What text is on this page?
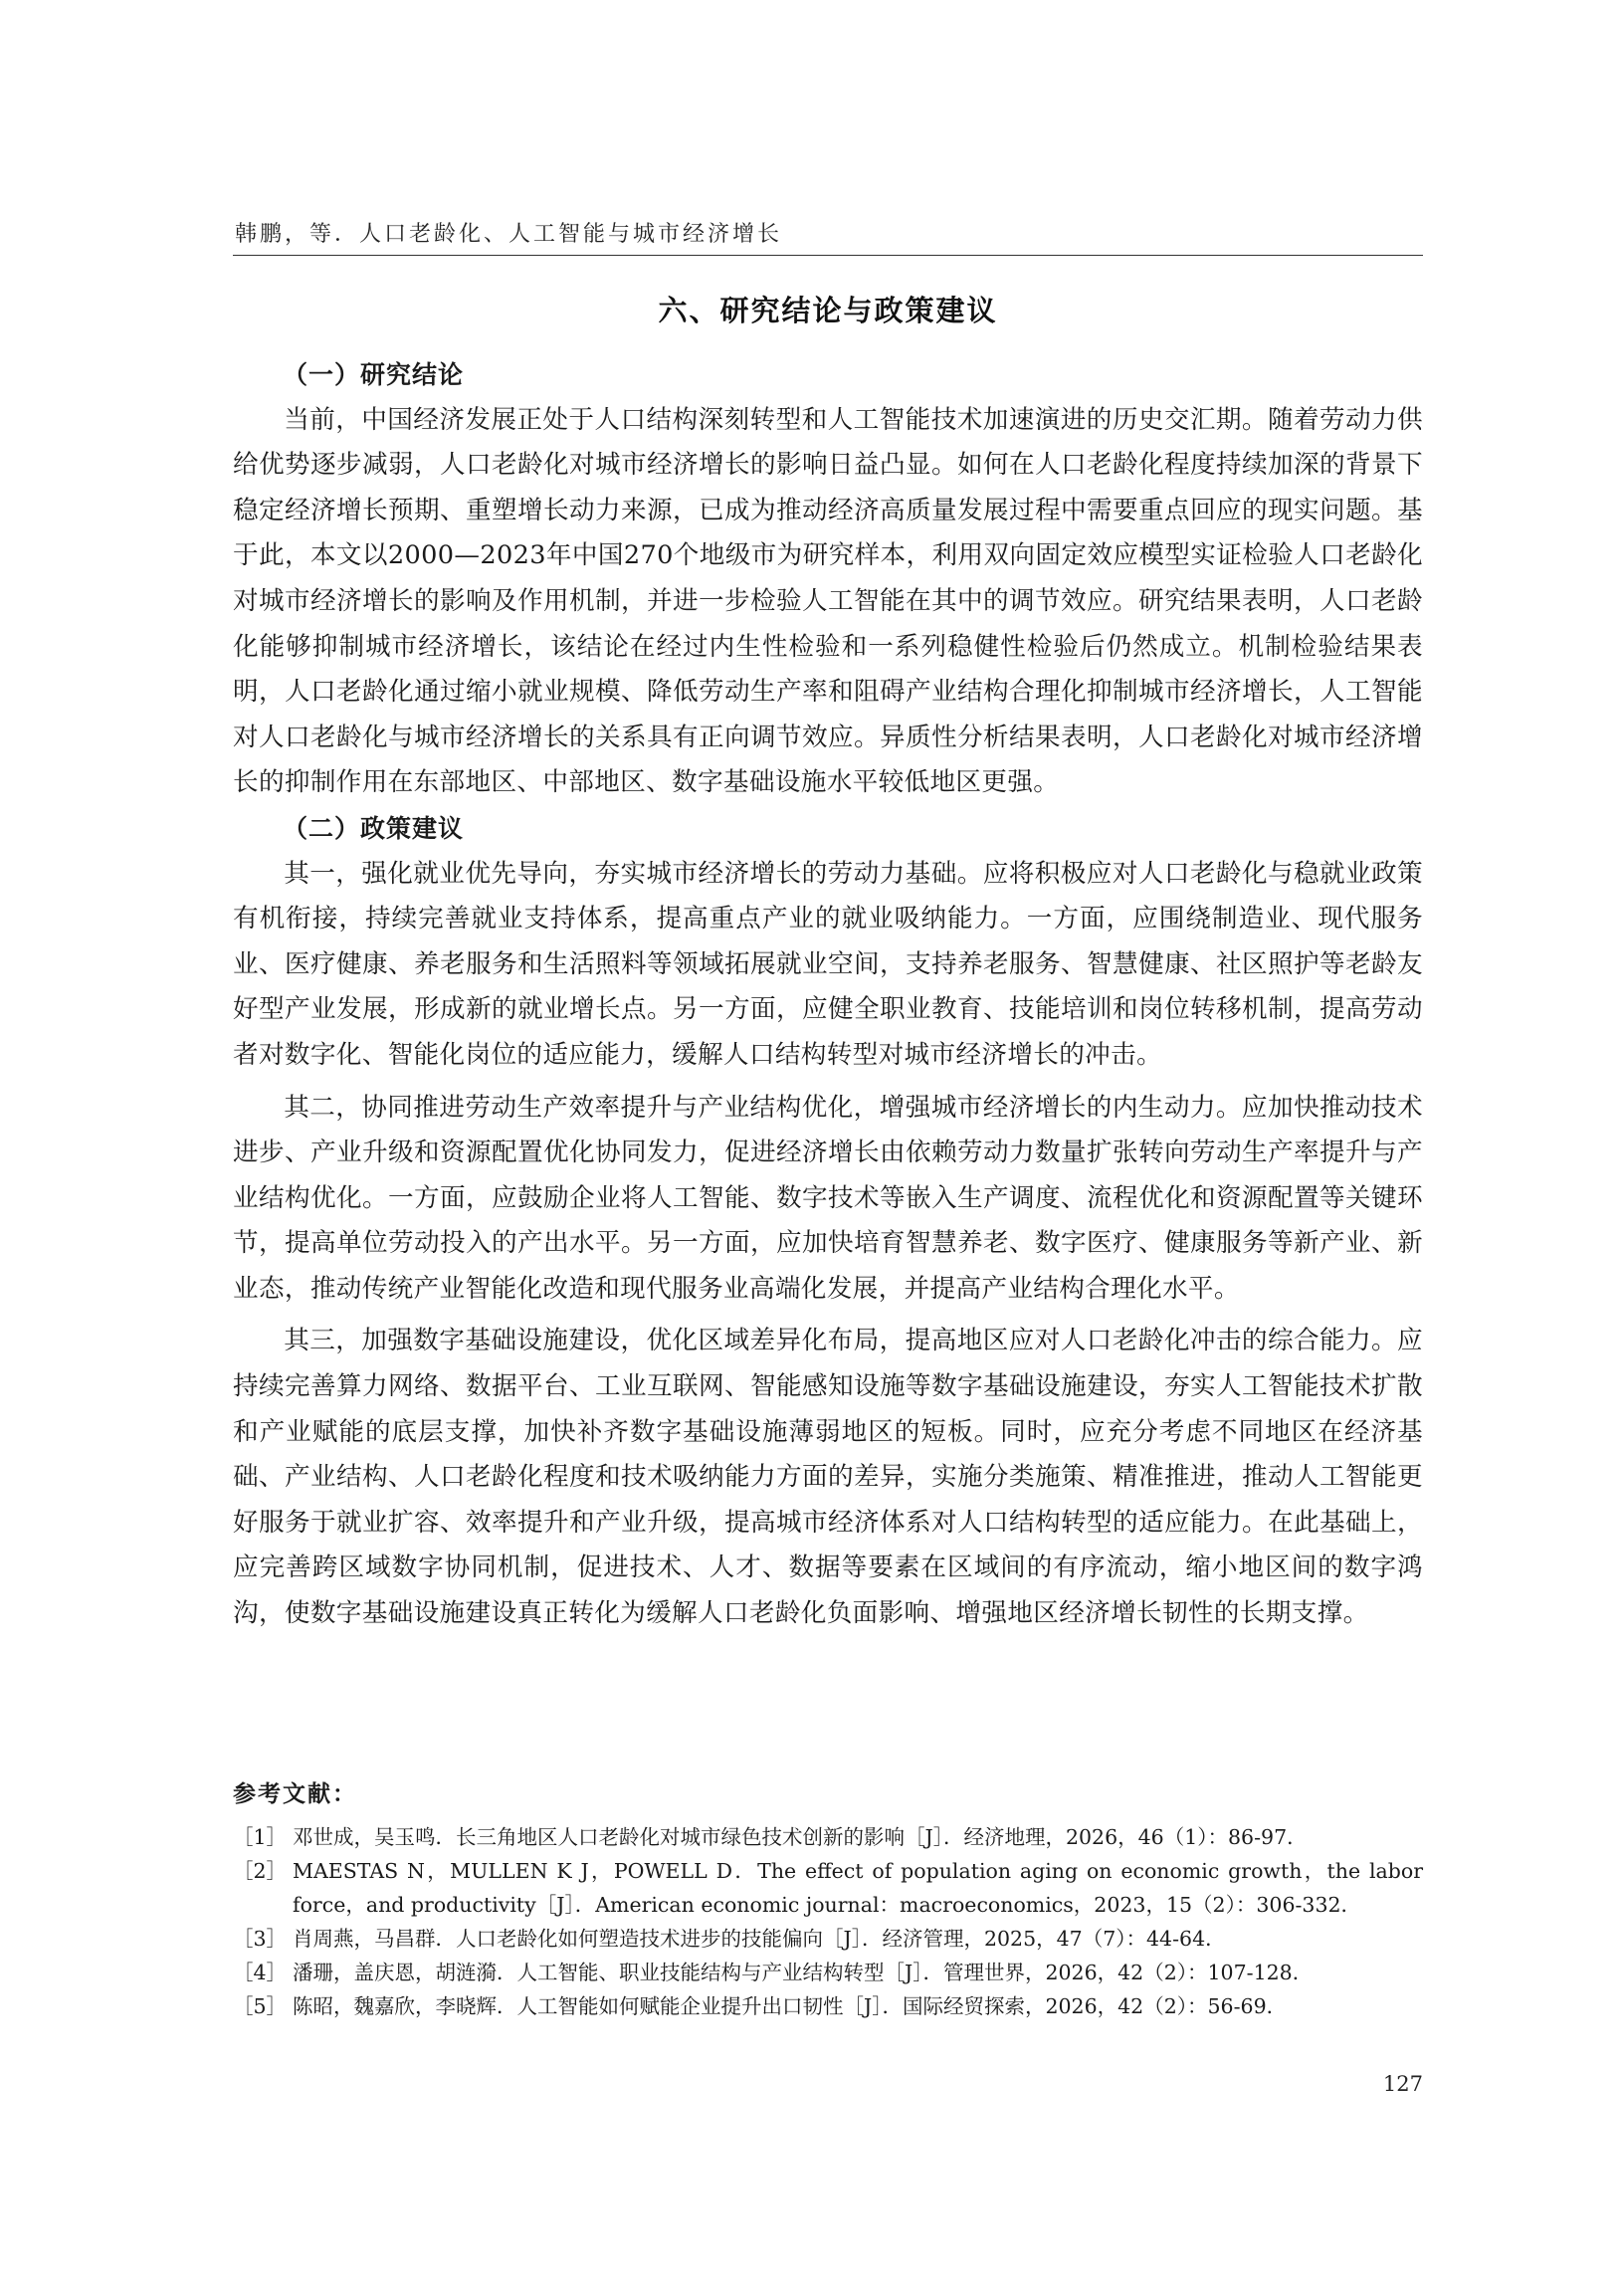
韩鹏，等．人口老龄化、人工智能与城市经济增长
六、研究结论与政策建议

（一）研究结论

当前，中国经济发展正处于人口结构深刻转型和人工智能技术加速演进的历史交汇期。随着劳动力供给优势逐步减弱，人口老龄化对城市经济增长的影响日益凸显。如何在人口老龄化程度持续加深的背景下稳定经济增长预期、重塑增长动力来源，已成为推动经济高质量发展过程中需要重点回应的现实问题。基于此，本文以2000—2023年中国270个地级市为研究样本，利用双向固定效应模型实证检验人口老龄化对城市经济增长的影响及作用机制，并进一步检验人工智能在其中的调节效应。研究结果表明，人口老龄化能够抑制城市经济增长，该结论在经过内生性检验和一系列稳健性检验后仍然成立。机制检验结果表明，人口老龄化通过缩小就业规模、降低劳动生产率和阻碍产业结构合理化抑制城市经济增长，人工智能对人口老龄化与城市经济增长的关系具有正向调节效应。异质性分析结果表明，人口老龄化对城市经济增长的抑制作用在东部地区、中部地区、数字基础设施水平较低地区更强。

（二）政策建议

其一，强化就业优先导向，夯实城市经济增长的劳动力基础。应将积极应对人口老龄化与稳就业政策有机衔接，持续完善就业支持体系，提高重点产业的就业吸纳能力。一方面，应围绕制造业、现代服务业、医疗健康、养老服务和生活照料等领域拓展就业空间，支持养老服务、智慧健康、社区照护等老龄友好型产业发展，形成新的就业增长点。另一方面，应健全职业教育、技能培训和岗位转移机制，提高劳动者对数字化、智能化岗位的适应能力，缓解人口结构转型对城市经济增长的冲击。

其二，协同推进劳动生产效率提升与产业结构优化，增强城市经济增长的内生动力。应加快推动技术进步、产业升级和资源配置优化协同发力，促进经济增长由依赖劳动力数量扩张转向劳动生产率提升与产业结构优化。一方面，应鼓励企业将人工智能、数字技术等嵌入生产调度、流程优化和资源配置等关键环节，提高单位劳动投入的产出水平。另一方面，应加快培育智慧养老、数字医疗、健康服务等新产业、新业态，推动传统产业智能化改造和现代服务业高端化发展，并提高产业结构合理化水平。

其三，加强数字基础设施建设，优化区域差异化布局，提高地区应对人口老龄化冲击的综合能力。应持续完善算力网络、数据平台、工业互联网、智能感知设施等数字基础设施建设，夯实人工智能技术扩散和产业赋能的底层支撑，加快补齐数字基础设施薄弱地区的短板。同时，应充分考虑不同地区在经济基础、产业结构、人口老龄化程度和技术吸纳能力方面的差异，实施分类施策、精准推进，推动人工智能更好服务于就业扩容、效率提升和产业升级，提高城市经济体系对人口结构转型的适应能力。在此基础上，应完善跨区域数字协同机制，促进技术、人才、数据等要素在区域间的有序流动，缩小地区间的数字鸿沟，使数字基础设施建设真正转化为缓解人口老龄化负面影响、增强地区经济增长韧性的长期支撑。

参考文献：

［1］ 邓世成，吴玉鸣．长三角地区人口老龄化对城市绿色技术创新的影响［J］．经济地理，2026，46（1）：86-97．
［2］ MAESTAS N，MULLEN K J，POWELL D．The effect of population aging on economic growth，the labor force，and productivity［J］．American economic journal：macroeconomics，2023，15（2）：306-332．
［3］ 肖周燕，马昌群．人口老龄化如何塑造技术进步的技能偏向［J］．经济管理，2025，47（7）：44-64．
［4］ 潘珊，盖庆恩，胡涟漪．人工智能、职业技能结构与产业结构转型［J］．管理世界，2026，42（2）：107-128．
［5］ 陈昭，魏嘉欣，李晓辉．人工智能如何赋能企业提升出口韧性［J］．国际经贸探索，2026，42（2）：56-69．
127
